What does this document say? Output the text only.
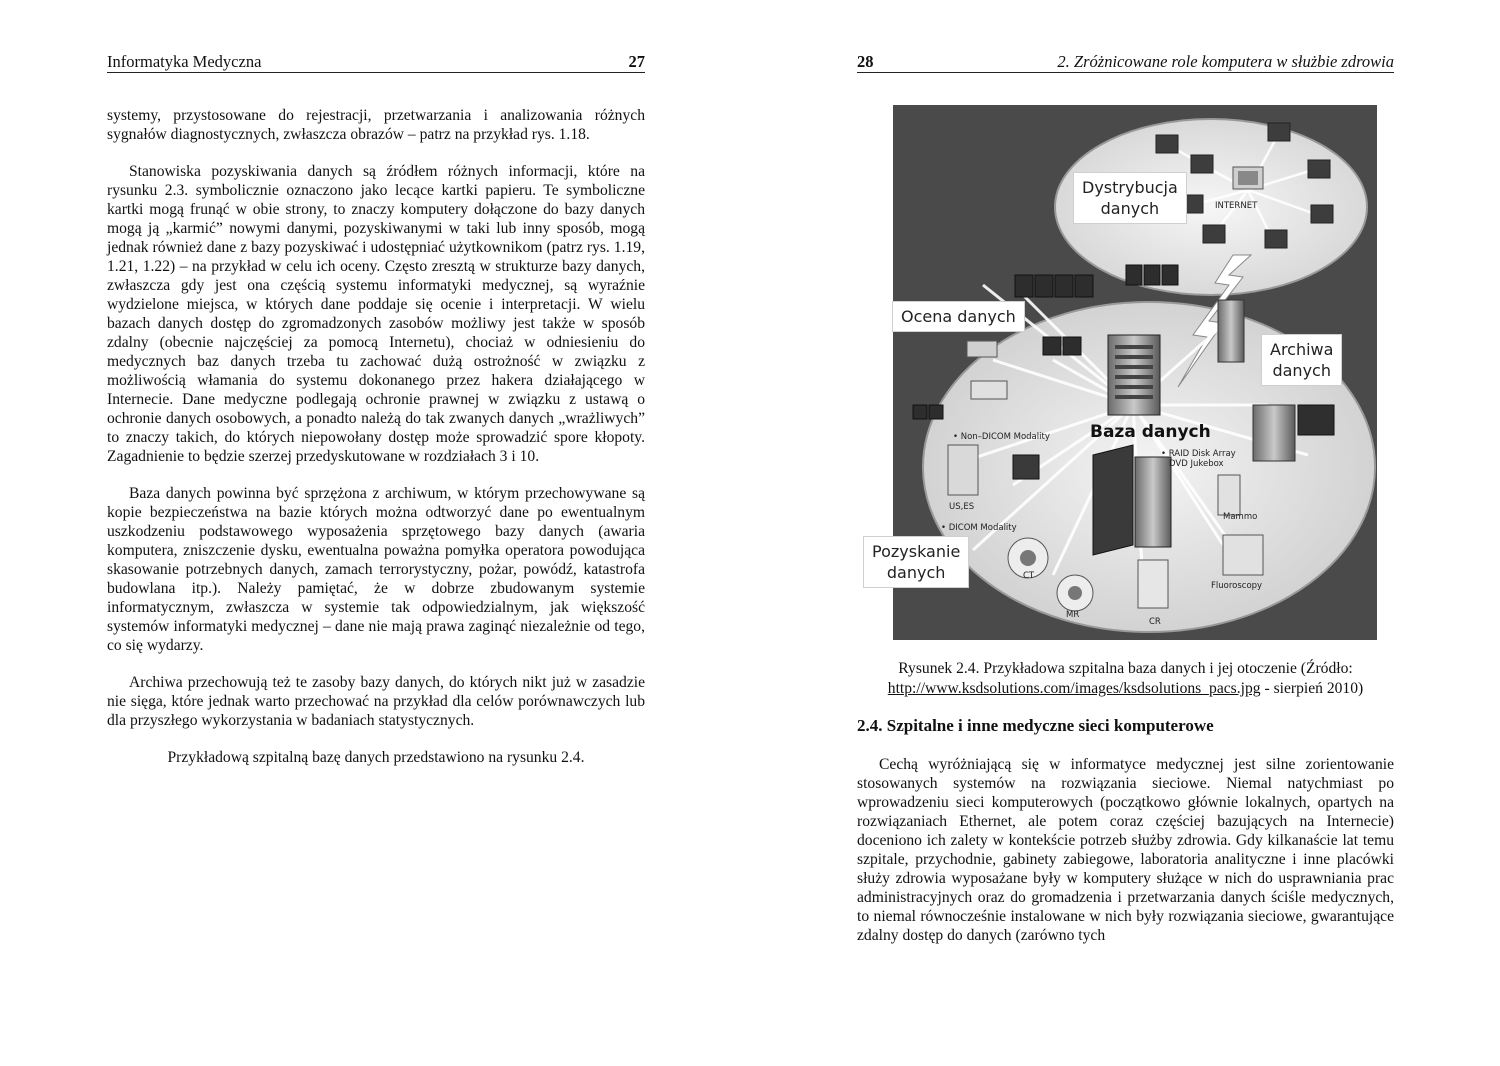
Informatyka Medyczna	27

systemy, przystosowane do rejestracji, przetwarzania i analizowania różnych sygnałów diagnostycznych, zwłaszcza obrazów – patrz na przykład rys. 1.18.

Stanowiska pozyskiwania danych są źródłem różnych informacji, które na rysunku 2.3. symbolicznie oznaczono jako lecące kartki papieru. Te symboliczne kartki mogą frunąć w obie strony, to znaczy komputery dołączone do bazy danych mogą ją „karmić” nowymi danymi, pozyskiwanymi w taki lub inny sposób, mogą jednak również dane z bazy pozyskiwać i udostępniać użytkownikom (patrz rys. 1.19, 1.21, 1.22) – na przykład w celu ich oceny. Często zresztą w strukturze bazy danych, zwłaszcza gdy jest ona częścią systemu informatyki medycznej, są wyraźnie wydzielone miejsca, w których dane poddaje się ocenie i interpretacji. W wielu bazach danych dostęp do zgromadzonych zasobów możliwy jest także w sposób zdalny (obecnie najczęściej za pomocą Internetu), chociaż w odniesieniu do medycznych baz danych trzeba tu zachować dużą ostrożność w związku z możliwością włamania do systemu dokonanego przez hakera działającego w Internecie. Dane medyczne podlegają ochronie prawnej w związku z ustawą o ochronie danych osobowych, a ponadto należą do tak zwanych danych „wrażliwych” to znaczy takich, do których niepowołany dostęp może sprowadzić spore kłopoty. Zagadnienie to będzie szerzej przedyskutowane w rozdziałach 3 i 10.

Baza danych powinna być sprzężona z archiwum, w którym przechowywane są kopie bezpieczeństwa na bazie których można odtworzyć dane po ewentualnym uszkodzeniu podstawowego wyposażenia sprzętowego bazy danych (awaria komputera, zniszczenie dysku, ewentualna poważna pomyłka operatora powodująca skasowanie potrzebnych danych, zamach terrorystyczny, pożar, powódź, katastrofa budowlana itp.). Należy pamiętać, że w dobrze zbudowanym systemie informatycznym, zwłaszcza w systemie tak odpowiedzialnym, jak większość systemów informatyki medycznej – dane nie mają prawa zaginąć niezależnie od tego, co się wydarzy.

Archiwa przechowują też te zasoby bazy danych, do których nikt już w zasadzie nie sięga, które jednak warto przechować na przykład dla celów porównawczych lub dla przyszłego wykorzystania w badaniach statystycznych.

Przykładową szpitalną bazę danych przedstawiono na rysunku 2.4.

28	2. Zróżnicowane role komputera w służbie zdrowia
Dystrybucja
danych
Ocena danych
Archiwa
danych
Pozyskanie
danych
Baza danych
INTERNET
• Non–DICOM Modality
• RAID Disk Array
DVD Jukebox
US,ES
• DICOM Modality
Mammo
CT
MR
CR
Fluoroscopy
Rysunek 2.4. Przykładowa szpitalna baza danych i jej otoczenie (Źródło:
http://www.ksdsolutions.com/images/ksdsolutions_pacs.jpg - sierpień 2010)
2.4. Szpitalne i inne medyczne sieci komputerowe

Cechą wyróżniającą się w informatyce medycznej jest silne zorientowanie stosowanych systemów na rozwiązania sieciowe. Niemal natychmiast po wprowadzeniu sieci komputerowych (początkowo głównie lokalnych, opartych na rozwiązaniach Ethernet, ale potem coraz częściej bazujących na Internecie) doceniono ich zalety w kontekście potrzeb służby zdrowia. Gdy kilkanaście lat temu szpitale, przychodnie, gabinety zabiegowe, laboratoria analityczne i inne placówki służy zdrowia wyposażane były w komputery służące w nich do usprawniania prac administracyjnych oraz do gromadzenia i przetwarzania danych ściśle medycznych, to niemal równocześnie instalowane w nich były rozwiązania sieciowe, gwarantujące zdalny dostęp do danych (zarówno tych
